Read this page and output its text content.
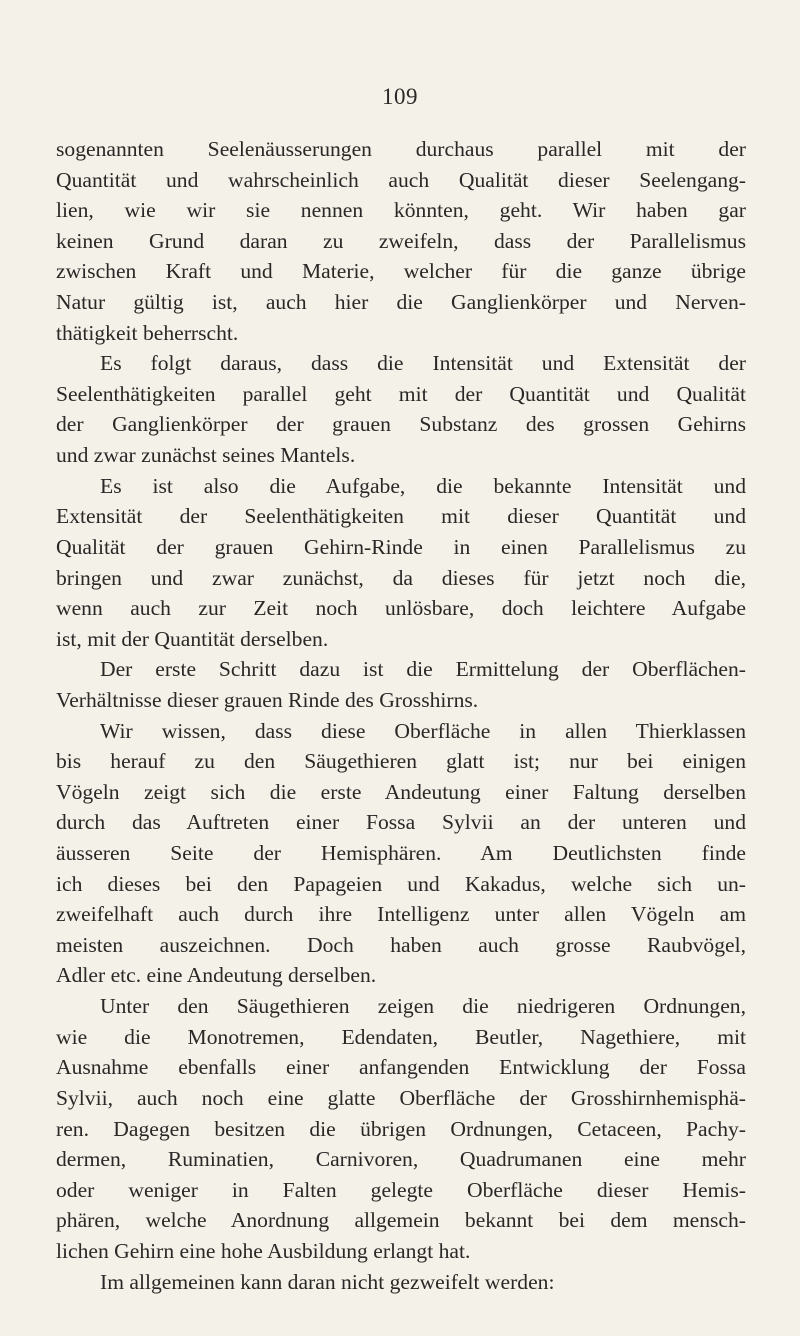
109
sogenannten Seelenäusserungen durchaus parallel mit der
Quantität und wahrscheinlich auch Qualität dieser Seelengang-
lien, wie wir sie nennen könnten, geht. Wir haben gar
keinen Grund daran zu zweifeln, dass der Parallelismus
zwischen Kraft und Materie, welcher für die ganze übrige
Natur gültig ist, auch hier die Ganglienkörper und Nerven-
thätigkeit beherrscht.
Es folgt daraus, dass die Intensität und Extensität der
Seelenthätigkeiten parallel geht mit der Quantität und Qualität
der Ganglienkörper der grauen Substanz des grossen Gehirns
und zwar zunächst seines Mantels.
Es ist also die Aufgabe, die bekannte Intensität und
Extensität der Seelenthätigkeiten mit dieser Quantität und
Qualität der grauen Gehirn-Rinde in einen Parallelismus zu
bringen und zwar zunächst, da dieses für jetzt noch die,
wenn auch zur Zeit noch unlösbare, doch leichtere Aufgabe
ist, mit der Quantität derselben.
Der erste Schritt dazu ist die Ermittelung der Oberflächen-
Verhältnisse dieser grauen Rinde des Grosshirns.
Wir wissen, dass diese Oberfläche in allen Thierklassen
bis herauf zu den Säugethieren glatt ist; nur bei einigen
Vögeln zeigt sich die erste Andeutung einer Faltung derselben
durch das Auftreten einer Fossa Sylvii an der unteren und
äusseren Seite der Hemisphären. Am Deutlichsten finde
ich dieses bei den Papageien und Kakadus, welche sich un-
zweifelhaft auch durch ihre Intelligenz unter allen Vögeln am
meisten auszeichnen. Doch haben auch grosse Raubvögel,
Adler etc. eine Andeutung derselben.
Unter den Säugethieren zeigen die niedrigeren Ordnungen,
wie die Monotremen, Edendaten, Beutler, Nagethiere, mit
Ausnahme ebenfalls einer anfangenden Entwicklung der Fossa
Sylvii, auch noch eine glatte Oberfläche der Grosshirnhemisphä-
ren. Dagegen besitzen die übrigen Ordnungen, Cetaceen, Pachy-
dermen, Ruminatien, Carnivoren, Quadrumanen eine mehr
oder weniger in Falten gelegte Oberfläche dieser Hemis-
phären, welche Anordnung allgemein bekannt bei dem mensch-
lichen Gehirn eine hohe Ausbildung erlangt hat.
Im allgemeinen kann daran nicht gezweifelt werden:
